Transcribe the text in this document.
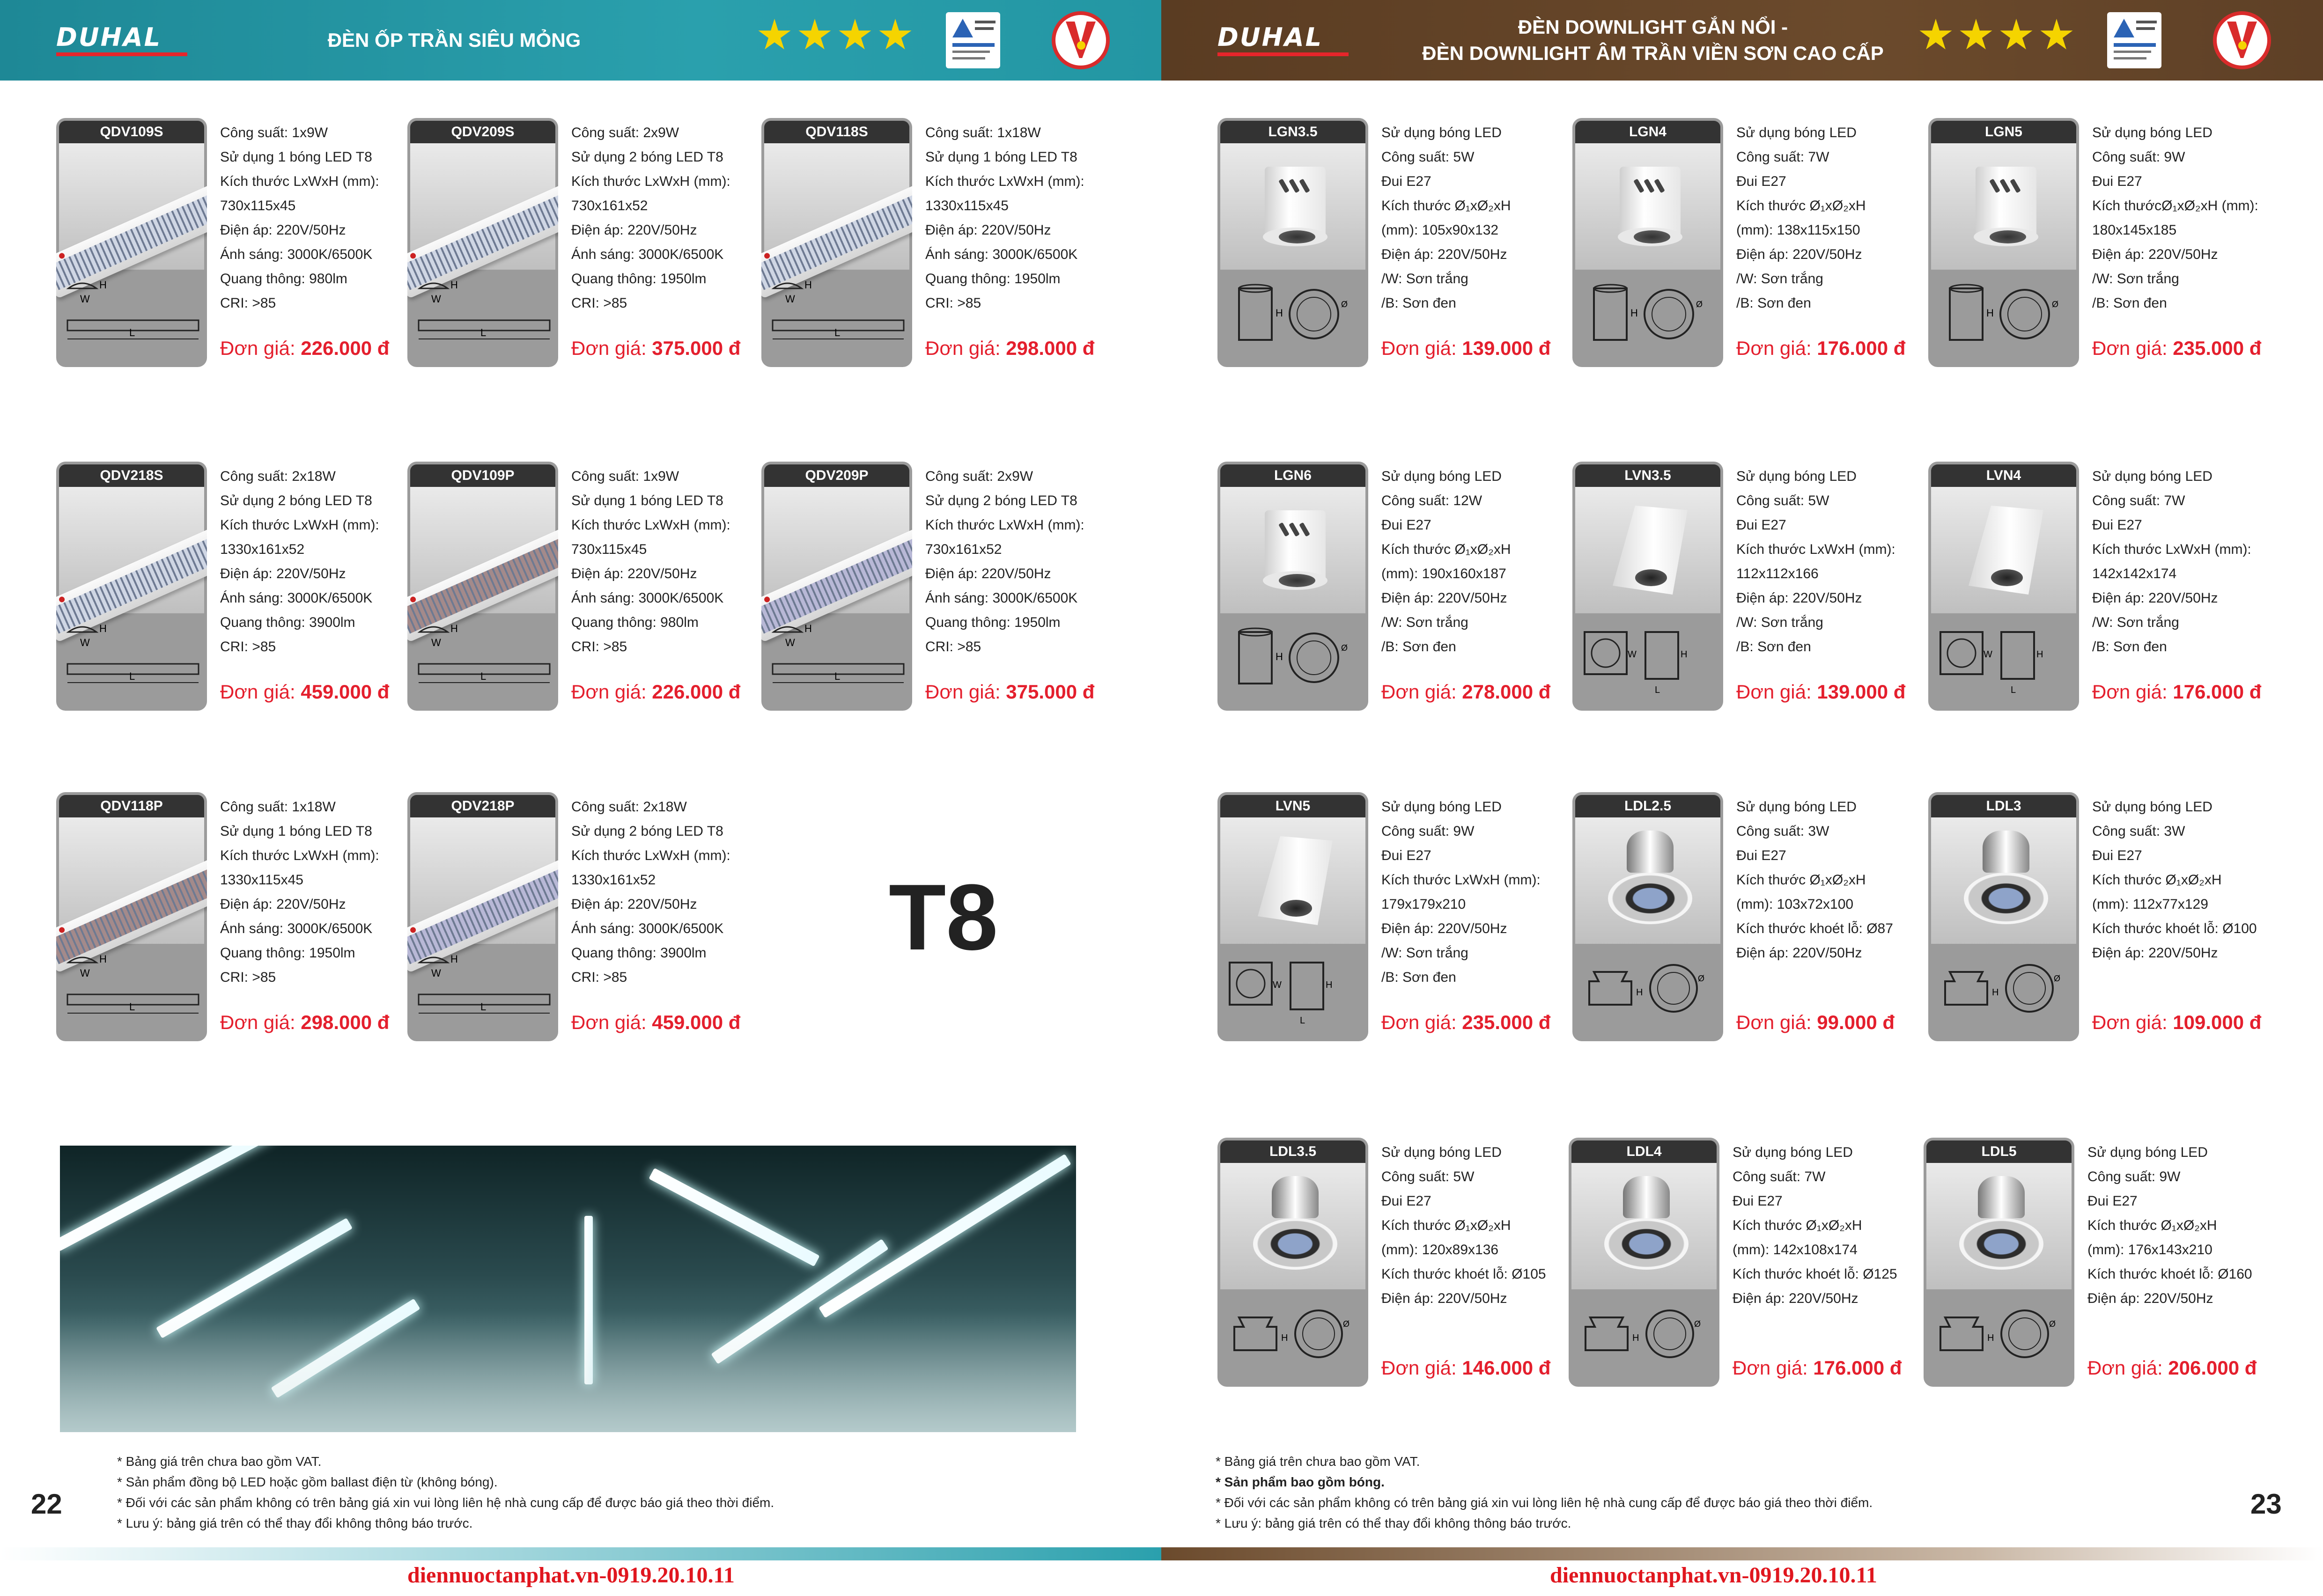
DUHAL	ĐÈN ỐP TRẦN SIÊU MỎNG	DUHAL	ĐÈN DOWNLIGHT GẮN NỔI -
ĐÈN DOWNLIGHT ÂM TRẦN VIỀN SƠN CAO CẤP
QDV109S
W
H
L
Công suất: 1x9W
Sử dụng 1 bóng LED T8
Kích thước LxWxH (mm):
730x115x45
Điện áp: 220V/50Hz
Ánh sáng: 3000K/6500K
Quang thông: 980lm
CRI: >85
Đơn giá: 226.000 đ
QDV209S
W
H
L
Công suất: 2x9W
Sử dụng 2 bóng LED T8
Kích thước LxWxH (mm):
730x161x52
Điện áp: 220V/50Hz
Ánh sáng: 3000K/6500K
Quang thông: 1950lm
CRI: >85
Đơn giá: 375.000 đ
QDV118S
W
H
L
Công suất: 1x18W
Sử dụng 1 bóng LED T8
Kích thước LxWxH (mm):
1330x115x45
Điện áp: 220V/50Hz
Ánh sáng: 3000K/6500K
Quang thông: 1950lm
CRI: >85
Đơn giá: 298.000 đ
QDV218S
W
H
L
Công suất: 2x18W
Sử dụng 2 bóng LED T8
Kích thước LxWxH (mm):
1330x161x52
Điện áp: 220V/50Hz
Ánh sáng: 3000K/6500K
Quang thông: 3900lm
CRI: >85
Đơn giá: 459.000 đ
QDV109P
W
H
L
Công suất: 1x9W
Sử dụng 1 bóng LED T8
Kích thước LxWxH (mm):
730x115x45
Điện áp: 220V/50Hz
Ánh sáng: 3000K/6500K
Quang thông: 980lm
CRI: >85
Đơn giá: 226.000 đ
QDV209P
W
H
L
Công suất: 2x9W
Sử dụng 2 bóng LED T8
Kích thước LxWxH (mm):
730x161x52
Điện áp: 220V/50Hz
Ánh sáng: 3000K/6500K
Quang thông: 1950lm
CRI: >85
Đơn giá: 375.000 đ
QDV118P
W
H
L
Công suất: 1x18W
Sử dụng 1 bóng LED T8
Kích thước LxWxH (mm):
1330x115x45
Điện áp: 220V/50Hz
Ánh sáng: 3000K/6500K
Quang thông: 1950lm
CRI: >85
Đơn giá: 298.000 đ
QDV218P
W
H
L
Công suất: 2x18W
Sử dụng 2 bóng LED T8
Kích thước LxWxH (mm):
1330x161x52
Điện áp: 220V/50Hz
Ánh sáng: 3000K/6500K
Quang thông: 3900lm
CRI: >85
Đơn giá: 459.000 đ
T8
LGN3.5
H
Ø
Sử dụng bóng LED
Công suất: 5W
Đui E27
Kích thước Ø₁xØ₂xH
(mm): 105x90x132
Điện áp: 220V/50Hz
/W: Sơn trắng
/B: Sơn đen
Đơn giá: 139.000 đ
LGN4
H
Ø
Sử dụng bóng LED
Công suất: 7W
Đui E27
Kích thước Ø₁xØ₂xH
(mm): 138x115x150
Điện áp: 220V/50Hz
/W: Sơn trắng
/B: Sơn đen
Đơn giá: 176.000 đ
LGN5
H
Ø
Sử dụng bóng LED
Công suất: 9W
Đui E27
Kích thướcØ₁xØ₂xH (mm):
180x145x185
Điện áp: 220V/50Hz
/W: Sơn trắng
/B: Sơn đen
Đơn giá: 235.000 đ
LGN6
H
Ø
Sử dụng bóng LED
Công suất: 12W
Đui E27
Kích thước Ø₁xØ₂xH
(mm): 190x160x187
Điện áp: 220V/50Hz
/W: Sơn trắng
/B: Sơn đen
Đơn giá: 278.000 đ
LVN3.5
W	H
L
Sử dụng bóng LED
Công suất: 5W
Đui E27
Kích thước LxWxH (mm):
112x112x166
Điện áp: 220V/50Hz
/W: Sơn trắng
/B: Sơn đen
Đơn giá: 139.000 đ
LVN4
W	H
L
Sử dụng bóng LED
Công suất: 7W
Đui E27
Kích thước LxWxH (mm):
142x142x174
Điện áp: 220V/50Hz
/W: Sơn trắng
/B: Sơn đen
Đơn giá: 176.000 đ
LVN5
W	H
L
Sử dụng bóng LED
Công suất: 9W
Đui E27
Kích thước LxWxH (mm):
179x179x210
Điện áp: 220V/50Hz
/W: Sơn trắng
/B: Sơn đen
Đơn giá: 235.000 đ
LDL2.5
H
Ø
Sử dụng bóng LED
Công suất: 3W
Đui E27
Kích thước Ø₁xØ₂xH
(mm): 103x72x100
Kích thước khoét lỗ: Ø87
Điện áp: 220V/50Hz
Đơn giá: 99.000 đ
LDL3
H
Ø
Sử dụng bóng LED
Công suất: 3W
Đui E27
Kích thước Ø₁xØ₂xH
(mm): 112x77x129
Kích thước khoét lỗ: Ø100
Điện áp: 220V/50Hz
Đơn giá: 109.000 đ
LDL3.5
H
Ø
Sử dụng bóng LED
Công suất: 5W
Đui E27
Kích thước Ø₁xØ₂xH
(mm): 120x89x136
Kích thước khoét lỗ: Ø105
Điện áp: 220V/50Hz
Đơn giá: 146.000 đ
LDL4
H
Ø
Sử dụng bóng LED
Công suất: 7W
Đui E27
Kích thước Ø₁xØ₂xH
(mm): 142x108x174
Kích thước khoét lỗ: Ø125
Điện áp: 220V/50Hz
Đơn giá: 176.000 đ
LDL5
H
Ø
Sử dụng bóng LED
Công suất: 9W
Đui E27
Kích thước Ø₁xØ₂xH
(mm): 176x143x210
Kích thước khoét lỗ: Ø160
Điện áp: 220V/50Hz
Đơn giá: 206.000 đ
* Bảng giá trên chưa bao gồm VAT.
* Sản phẩm đồng bộ LED hoặc gồm ballast điện từ (không bóng).
* Đối với các sản phẩm không có trên bảng giá xin vui lòng liên hệ nhà cung cấp để được báo giá theo thời điểm.
* Lưu ý: bảng giá trên có thể thay đổi không thông báo trước.
22
* Bảng giá trên chưa bao gồm VAT.
* Sản phẩm bao gồm bóng.
* Đối với các sản phẩm không có trên bảng giá xin vui lòng liên hệ nhà cung cấp để được báo giá theo thời điểm.
* Lưu ý: bảng giá trên có thể thay đổi không thông báo trước.
23
diennuoctanphat.vn-0919.20.10.11	diennuoctanphat.vn-0919.20.10.11
